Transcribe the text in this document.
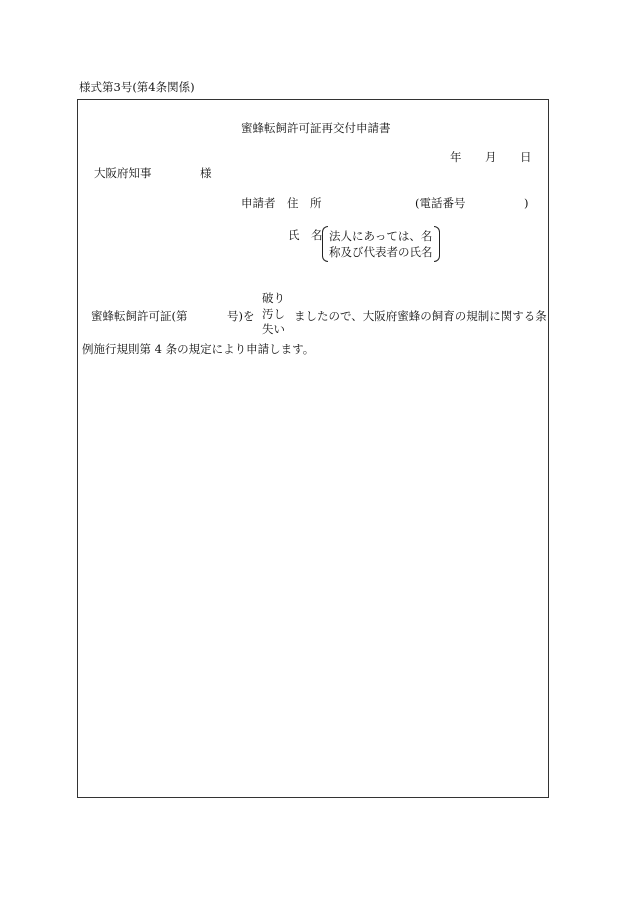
様式第3号(第4条関係)
蜜蜂転飼許可証再交付申請書
年 月 日
大阪府知事	様
申請者 住 所	(電話番号	)
氏 名 法人にあっては、名
称及び代表者の氏名
蜜蜂転飼許可証(第	号)を
破り
汚し
失い
ましたので、大阪府蜜蜂の飼育の規制に関する条
例施行規則第 4 条の規定により申請します。
